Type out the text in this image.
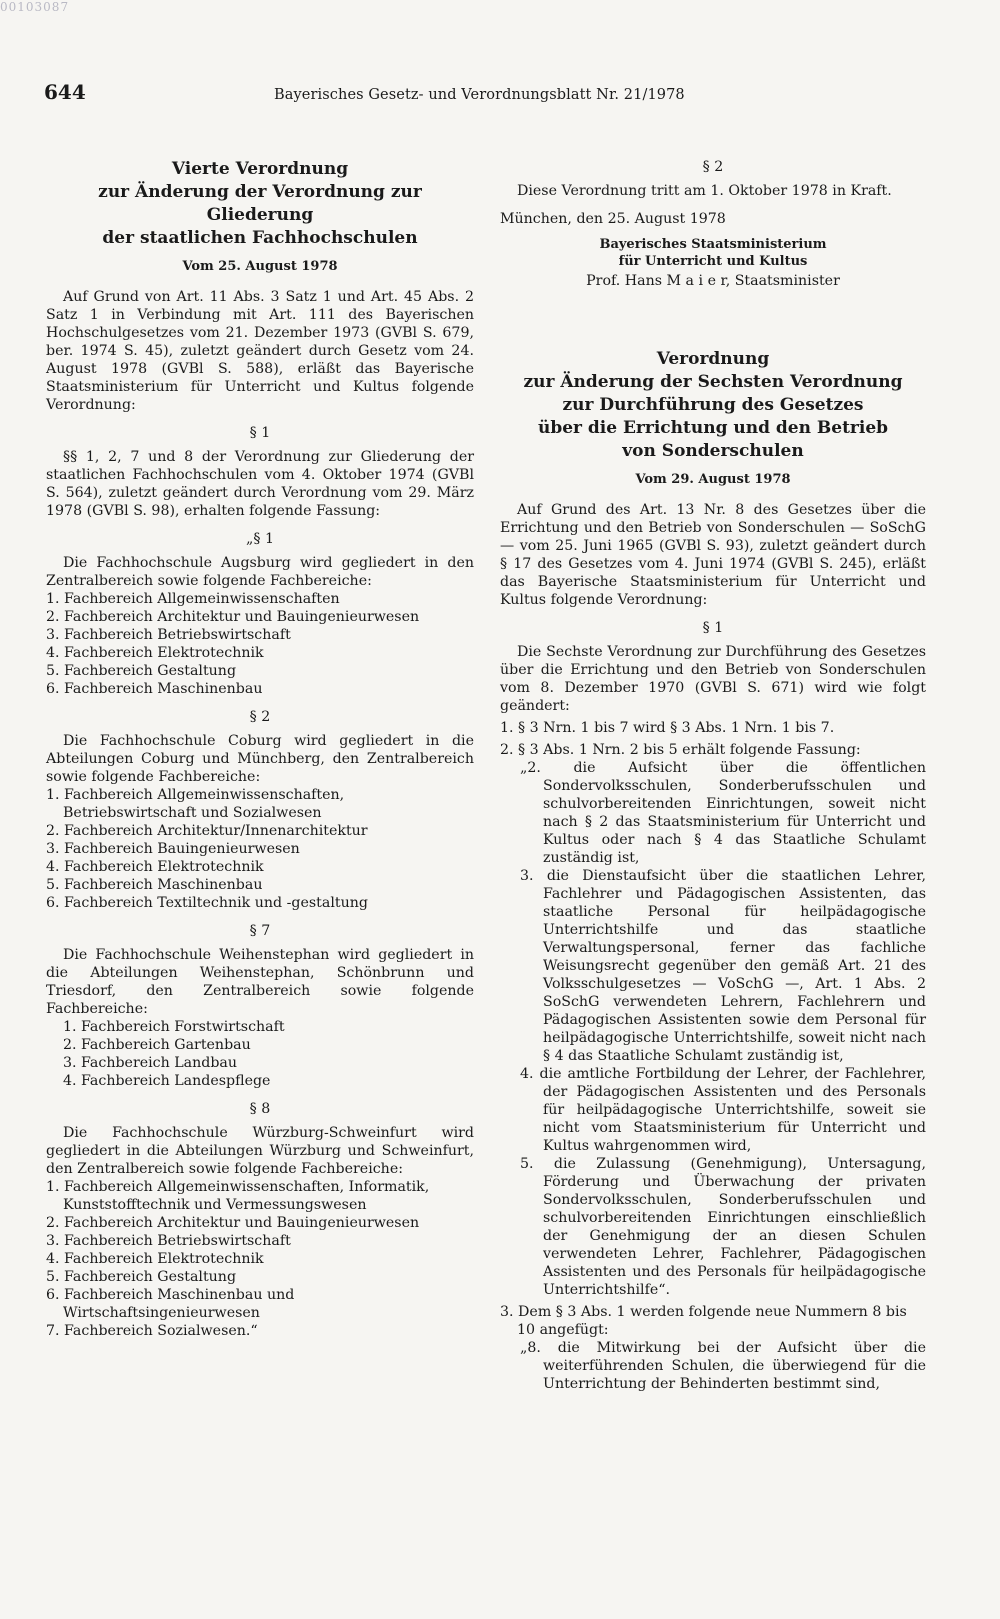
00103087
644	Bayerisches Gesetz- und Verordnungsblatt Nr. 21/1978
Vierte Verordnung
zur Änderung der Verordnung zur Gliederung
der staatlichen Fachhochschulen
Vom 25. August 1978

Auf Grund von Art. 11 Abs. 3 Satz 1 und Art. 45 Abs. 2 Satz 1 in Verbindung mit Art. 111 des Bayerischen Hochschulgesetzes vom 21. Dezember 1973 (GVBl S. 679, ber. 1974 S. 45), zuletzt geändert durch Gesetz vom 24. August 1978 (GVBl S. 588), erläßt das Bayerische Staatsministerium für Unterricht und Kultus folgende Verordnung:

§ 1

§§ 1, 2, 7 und 8 der Verordnung zur Gliederung der staatlichen Fachhochschulen vom 4. Oktober 1974 (GVBl S. 564), zuletzt geändert durch Verordnung vom 29. März 1978 (GVBl S. 98), erhalten folgende Fassung:

„§ 1

Die Fachhochschule Augsburg wird gegliedert in den Zentralbereich sowie folgende Fachbereiche:

1. Fachbereich Allgemeinwissenschaften
2. Fachbereich Architektur und Bauingenieurwesen
3. Fachbereich Betriebswirtschaft
4. Fachbereich Elektrotechnik
5. Fachbereich Gestaltung
6. Fachbereich Maschinenbau
§ 2

Die Fachhochschule Coburg wird gegliedert in die Abteilungen Coburg und Münchberg, den Zentralbereich sowie folgende Fachbereiche:

1. Fachbereich Allgemeinwissenschaften, Betriebswirtschaft und Sozialwesen
2. Fachbereich Architektur/Innenarchitektur
3. Fachbereich Bauingenieurwesen
4. Fachbereich Elektrotechnik
5. Fachbereich Maschinenbau
6. Fachbereich Textiltechnik und -gestaltung
§ 7

Die Fachhochschule Weihenstephan wird gegliedert in die Abteilungen Weihenstephan, Schönbrunn und Triesdorf, den Zentralbereich sowie folgende Fachbereiche:

1. Fachbereich Forstwirtschaft
2. Fachbereich Gartenbau
3. Fachbereich Landbau
4. Fachbereich Landespflege
§ 8

Die Fachhochschule Würzburg-Schweinfurt wird gegliedert in die Abteilungen Würzburg und Schweinfurt, den Zentralbereich sowie folgende Fachbereiche:

1. Fachbereich Allgemeinwissenschaften, Informatik, Kunststofftechnik und Vermessungswesen
2. Fachbereich Architektur und Bauingenieurwesen
3. Fachbereich Betriebswirtschaft
4. Fachbereich Elektrotechnik
5. Fachbereich Gestaltung
6. Fachbereich Maschinenbau und Wirtschaftsingenieurwesen
7. Fachbereich Sozialwesen.“
§ 2

Diese Verordnung tritt am 1. Oktober 1978 in Kraft.

München, den 25. August 1978

Bayerisches Staatsministerium
für Unterricht und Kultus
Prof. Hans M a i e r, Staatsminister
Verordnung
zur Änderung der Sechsten Verordnung
zur Durchführung des Gesetzes
über die Errichtung und den Betrieb
von Sonderschulen
Vom 29. August 1978

Auf Grund des Art. 13 Nr. 8 des Gesetzes über die Errichtung und den Betrieb von Sonderschulen — SoSchG — vom 25. Juni 1965 (GVBl S. 93), zuletzt geändert durch § 17 des Gesetzes vom 4. Juni 1974 (GVBl S. 245), erläßt das Bayerische Staatsministerium für Unterricht und Kultus folgende Verordnung:

§ 1

Die Sechste Verordnung zur Durchführung des Gesetzes über die Errichtung und den Betrieb von Sonderschulen vom 8. Dezember 1970 (GVBl S. 671) wird wie folgt geändert:

1. § 3 Nrn. 1 bis 7 wird § 3 Abs. 1 Nrn. 1 bis 7.
2. § 3 Abs. 1 Nrn. 2 bis 5 erhält folgende Fassung:
„2. die Aufsicht über die öffentlichen Sondervolksschulen, Sonderberufsschulen und schulvorbereitenden Einrichtungen, soweit nicht nach § 2 das Staatsministerium für Unterricht und Kultus oder nach § 4 das Staatliche Schulamt zuständig ist,
3. die Dienstaufsicht über die staatlichen Lehrer, Fachlehrer und Pädagogischen Assistenten, das staatliche Personal für heilpädagogische Unterrichtshilfe und das staatliche Verwaltungspersonal, ferner das fachliche Weisungsrecht gegenüber den gemäß Art. 21 des Volksschulgesetzes — VoSchG —, Art. 1 Abs. 2 SoSchG verwendeten Lehrern, Fachlehrern und Pädagogischen Assistenten sowie dem Personal für heilpädagogische Unterrichtshilfe, soweit nicht nach § 4 das Staatliche Schulamt zuständig ist,
4. die amtliche Fortbildung der Lehrer, der Fachlehrer, der Pädagogischen Assistenten und des Personals für heilpädagogische Unterrichtshilfe, soweit sie nicht vom Staatsministerium für Unterricht und Kultus wahrgenommen wird,
5. die Zulassung (Genehmigung), Untersagung, Förderung und Überwachung der privaten Sondervolksschulen, Sonderberufsschulen und schulvorbereitenden Einrichtungen einschließlich der Genehmigung der an diesen Schulen verwendeten Lehrer, Fachlehrer, Pädagogischen Assistenten und des Personals für heilpädagogische Unterrichtshilfe“.
3. Dem § 3 Abs. 1 werden folgende neue Nummern 8 bis 10 angefügt:
„8. die Mitwirkung bei der Aufsicht über die weiterführenden Schulen, die überwiegend für die Unterrichtung der Behinderten bestimmt sind,
